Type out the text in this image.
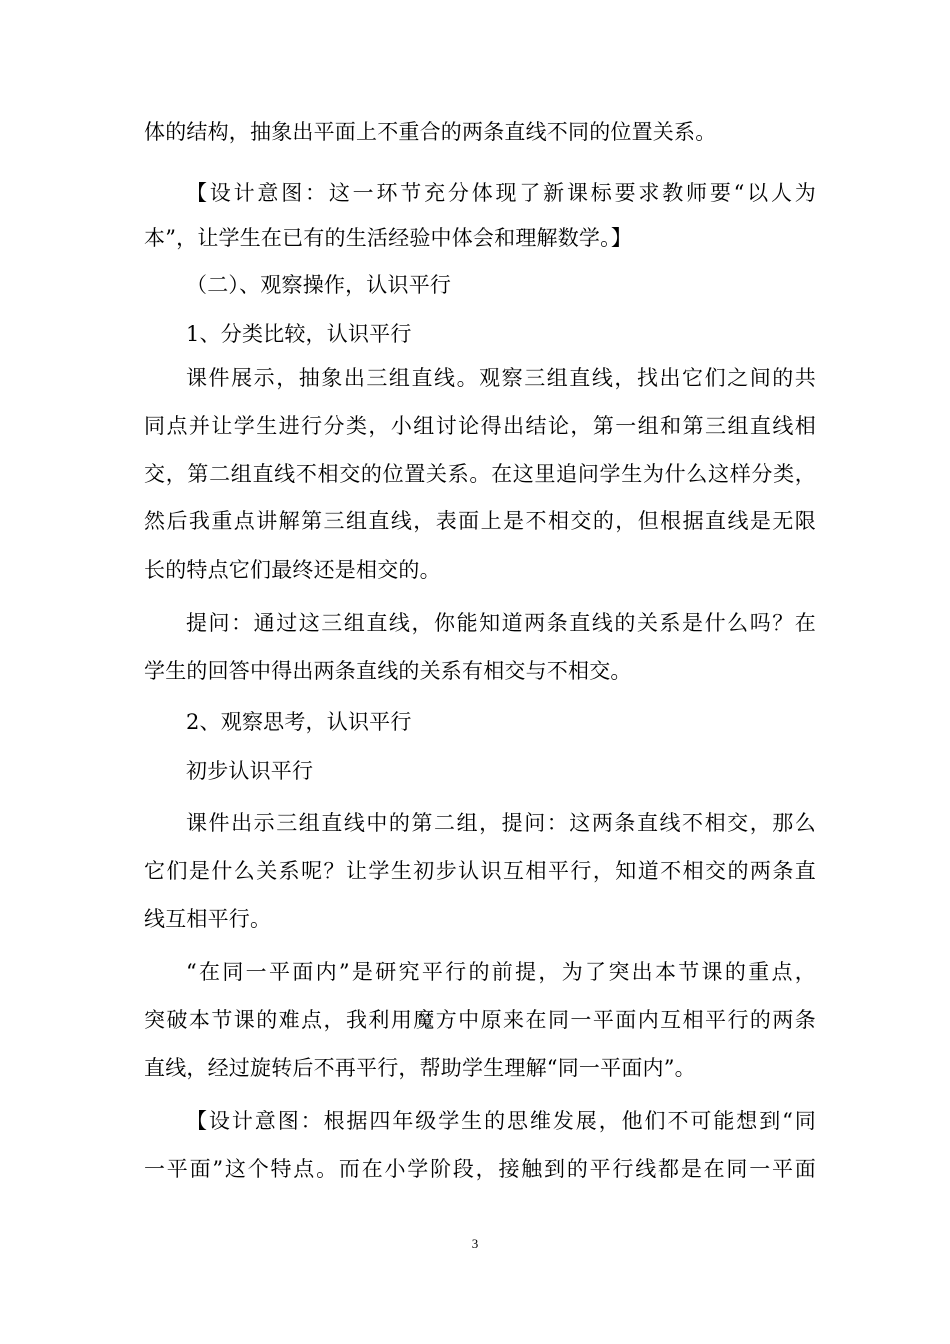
体的结构，抽象出平面上不重合的两条直线不同的位置关系。
【设计意图：这一环节充分体现了新课标要求教师要“以人为
本”，让学生在已有的生活经验中体会和理解数学。】
（二）、观察操作，认识平行
1、分类比较，认识平行
课件展示，抽象出三组直线。观察三组直线，找出它们之间的共
同点并让学生进行分类，小组讨论得出结论，第一组和第三组直线相
交，第二组直线不相交的位置关系。在这里追问学生为什么这样分类，
然后我重点讲解第三组直线，表面上是不相交的，但根据直线是无限
长的特点它们最终还是相交的。
提问：通过这三组直线，你能知道两条直线的关系是什么吗？在
学生的回答中得出两条直线的关系有相交与不相交。
2、观察思考，认识平行
初步认识平行
课件出示三组直线中的第二组，提问：这两条直线不相交，那么
它们是什么关系呢？让学生初步认识互相平行，知道不相交的两条直
线互相平行。
“在同一平面内”是研究平行的前提，为了突出本节课的重点，
突破本节课的难点，我利用魔方中原来在同一平面内互相平行的两条
直线，经过旋转后不再平行，帮助学生理解“同一平面内”。
【设计意图：根据四年级学生的思维发展，他们不可能想到“同
一平面”这个特点。而在小学阶段，接触到的平行线都是在同一平面
3
